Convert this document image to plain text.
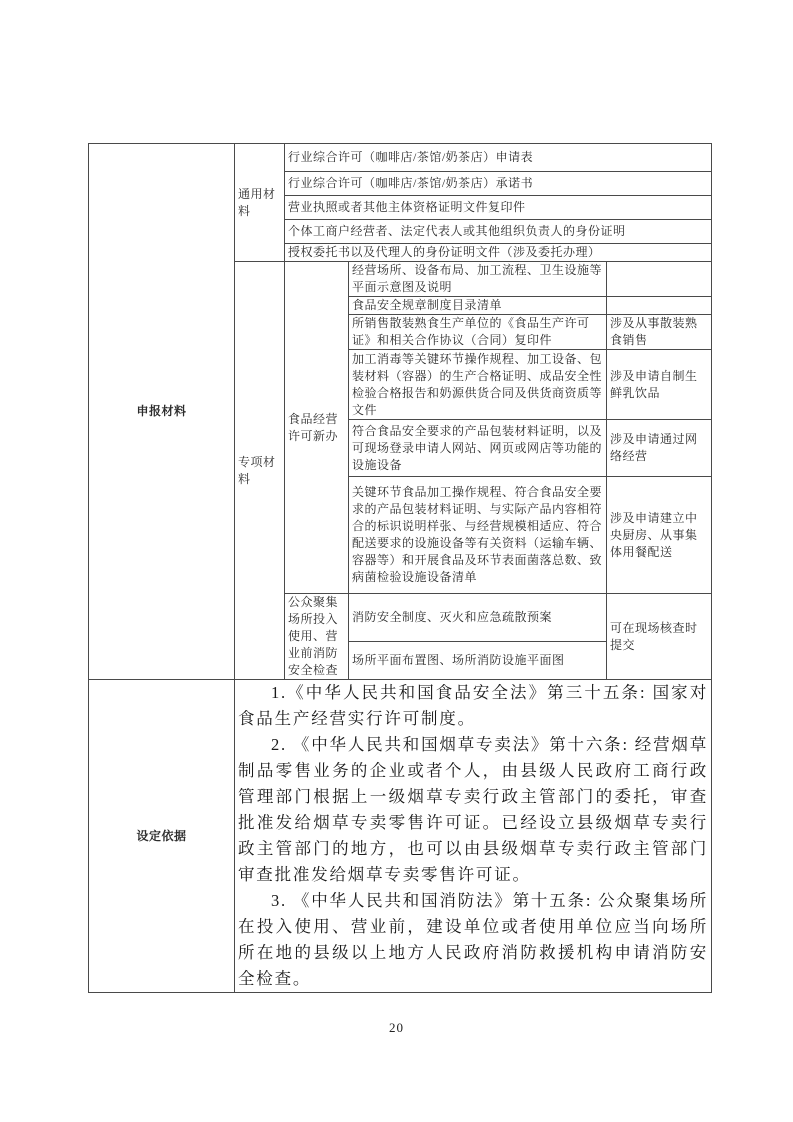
申报材料	通用材料	行业综合许可（咖啡店/茶馆/奶茶店）申请表		
		行业综合许可（咖啡店/茶馆/奶茶店）承诺书		
		营业执照或者其他主体资格证明文件复印件		
		个体工商户经营者、法定代表人或其他组织负责人的身份证明		
		授权委托书以及代理人的身份证明文件（涉及委托办理）		
	专项材料	食品经营许可新办	经营场所、设备布局、加工流程、卫生设施等平面示意图及说明	
			食品安全规章制度目录清单	
			所销售散装熟食生产单位的《食品生产许可证》和相关合作协议（合同）复印件	涉及从事散装熟食销售
			加工消毒等关键环节操作规程、加工设备、包装材料（容器）的生产合格证明、成品安全性检验合格报告和奶源供货合同及供货商资质等文件	涉及申请自制生鲜乳饮品
			符合食品安全要求的产品包装材料证明，以及可现场登录申请人网站、网页或网店等功能的设施设备	涉及申请通过网络经营
			关键环节食品加工操作规程、符合食品安全要求的产品包装材料证明、与实际产品内容相符合的标识说明样张、与经营规模相适应、符合配送要求的设施设备等有关资料（运输车辆、容器等）和开展食品及环节表面菌落总数、致病菌检验设施设备清单	涉及申请建立中央厨房、从事集体用餐配送
		公众聚集场所投入使用、营业前消防安全检查	消防安全制度、灭火和应急疏散预案	可在现场核查时提交
			场所平面布置图、场所消防设施平面图	
设定依据	1.《中华人民共和国食品安全法》第三十五条: 国家对食品生产经营实行许可制度。

2. 《中华人民共和国烟草专卖法》第十六条: 经营烟草制品零售业务的企业或者个人，由县级人民政府工商行政管理部门根据上一级烟草专卖行政主管部门的委托，审查批准发给烟草专卖零售许可证。已经设立县级烟草专卖行政主管部门的地方，也可以由县级烟草专卖行政主管部门审查批准发给烟草专卖零售许可证。

3. 《中华人民共和国消防法》第十五条: 公众聚集场所在投入使用、营业前，建设单位或者使用单位应当向场所所在地的县级以上地方人民政府消防救援机构申请消防安全检查。			

20
